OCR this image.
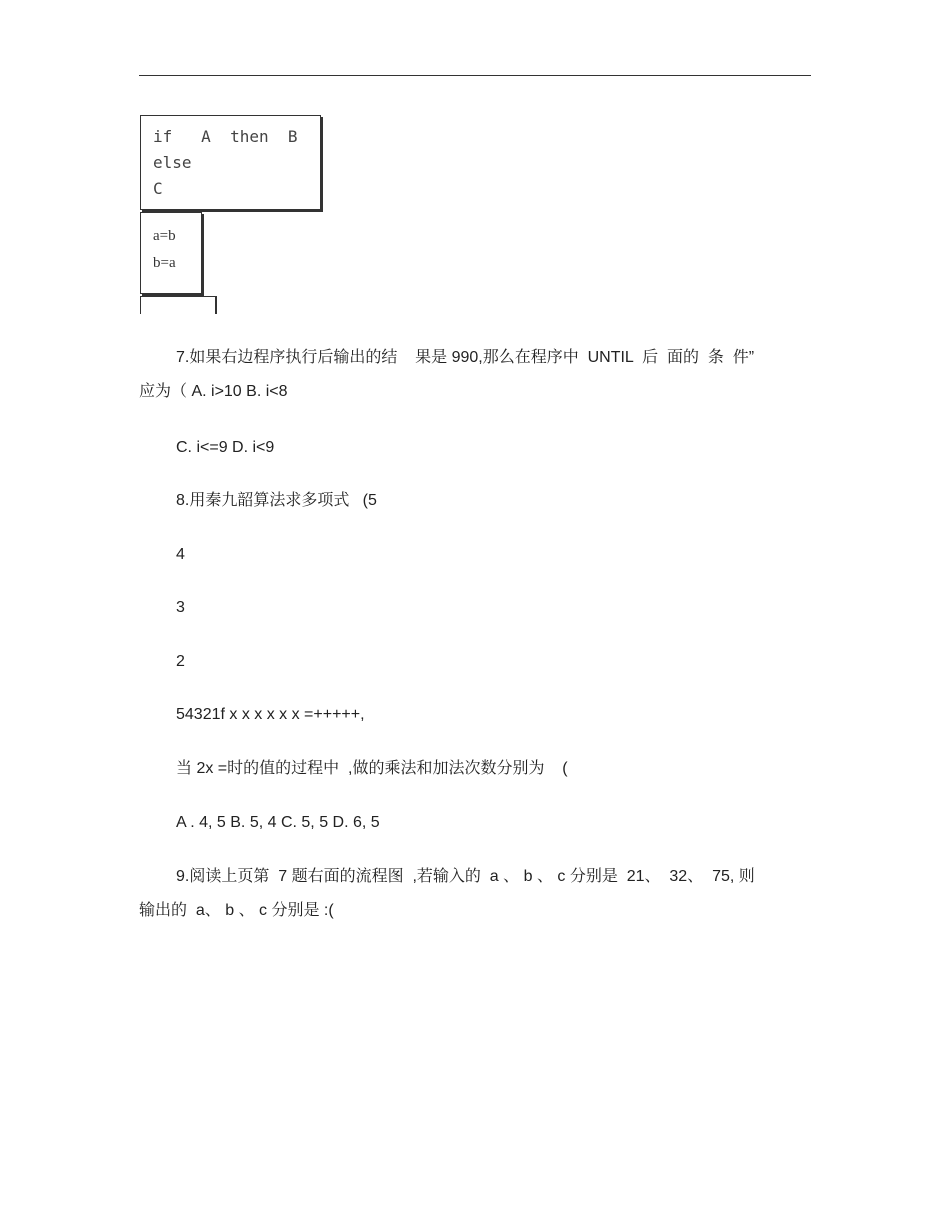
if   A  then  B
else
C
a=b
b=a
7.如果右边程序执行后输出的结    果是 990,那么在程序中  UNTIL  后  面的  条  件”
应为（ A. i>10 B. i<8
C. i<=9 D. i<9
8.用秦九韶算法求多项式   (5
4
3
2
54321f x x x x x x =+++++,
当 2x =时的值的过程中  ,做的乘法和加法次数分别为    (
A . 4, 5 B. 5, 4 C. 5, 5 D. 6, 5
9.阅读上页第  7 题右面的流程图  ,若输入的  a 、 b 、 c 分别是  21、  32、  75, 则
输出的  a、 b 、 c 分别是 :(
